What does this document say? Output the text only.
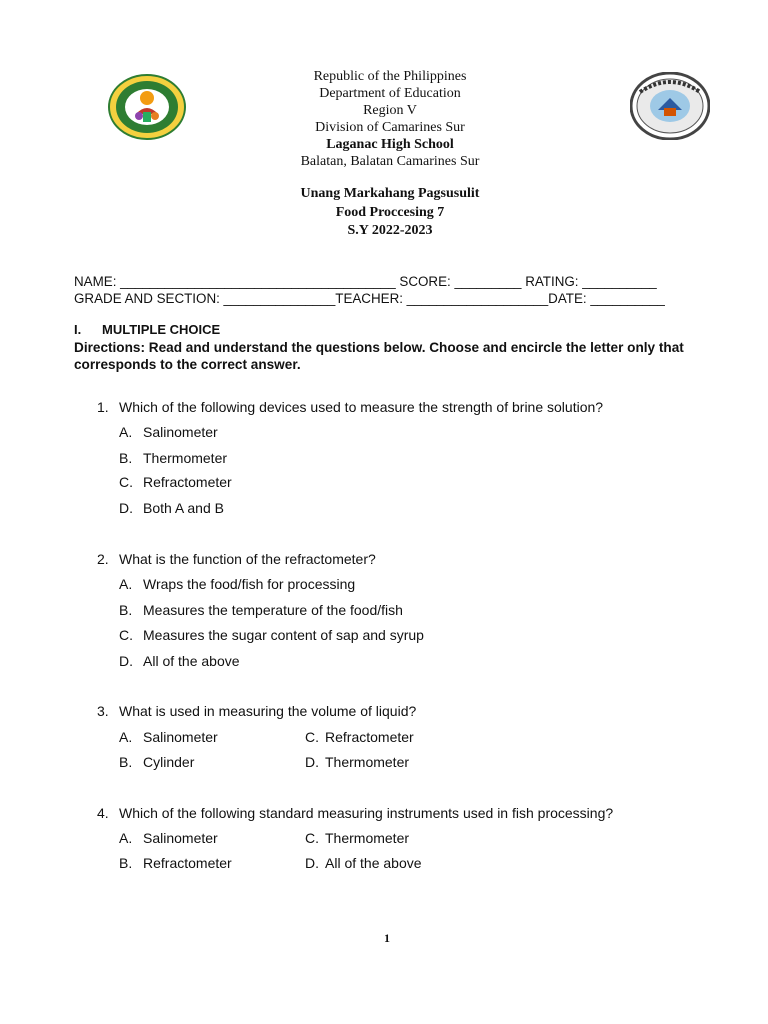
Republic of the Philippines
Department of Education
Region V
Division of Camarines Sur
Laganac High School
Balatan, Balatan Camarines Sur
Unang Markahang Pagsusulit
Food Proccesing 7
S.Y 2022-2023
NAME: _____________________________________ SCORE: _________ RATING: __________
GRADE AND SECTION: _______________TEACHER: ___________________DATE: __________
I. MULTIPLE CHOICE
Directions: Read and understand the questions below. Choose and encircle the letter only that corresponds to the correct answer.
1. Which of the following devices used to measure the strength of brine solution?
A. Salinometer
B. Thermometer
C. Refractometer
D. Both A and B
2. What is the function of the refractometer?
A. Wraps the food/fish for processing
B. Measures the temperature of the food/fish
C. Measures the sugar content of sap and syrup
D. All of the above
3. What is used in measuring the volume of liquid?
A. Salinometer	C. Refractometer
B. Cylinder	D. Thermometer
4. Which of the following standard measuring instruments used in fish processing?
A. Salinometer	C. Thermometer
B. Refractometer	D. All of the above
1
